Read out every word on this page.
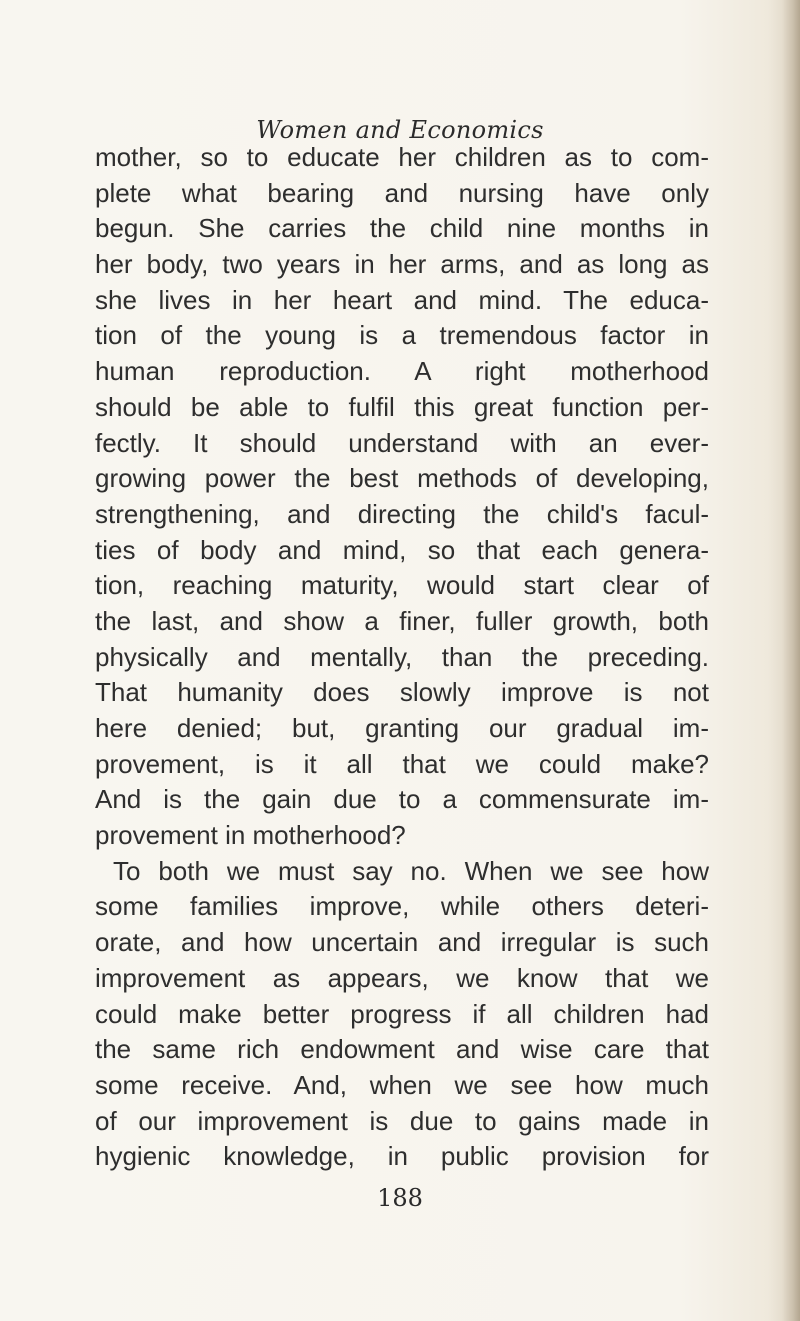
Women and Economics
mother, so to educate her children as to com-
plete what bearing and nursing have only
begun. She carries the child nine months in
her body, two years in her arms, and as long as
she lives in her heart and mind. The educa-
tion of the young is a tremendous factor in
human reproduction. A right motherhood
should be able to fulfil this great function per-
fectly. It should understand with an ever-
growing power the best methods of developing,
strengthening, and directing the child's facul-
ties of body and mind, so that each genera-
tion, reaching maturity, would start clear of
the last, and show a finer, fuller growth, both
physically and mentally, than the preceding.
That humanity does slowly improve is not
here denied; but, granting our gradual im-
provement, is it all that we could make?
And is the gain due to a commensurate im-
provement in motherhood?
To both we must say no. When we see how
some families improve, while others deteri-
orate, and how uncertain and irregular is such
improvement as appears, we know that we
could make better progress if all children had
the same rich endowment and wise care that
some receive. And, when we see how much
of our improvement is due to gains made in
hygienic knowledge, in public provision for
188
